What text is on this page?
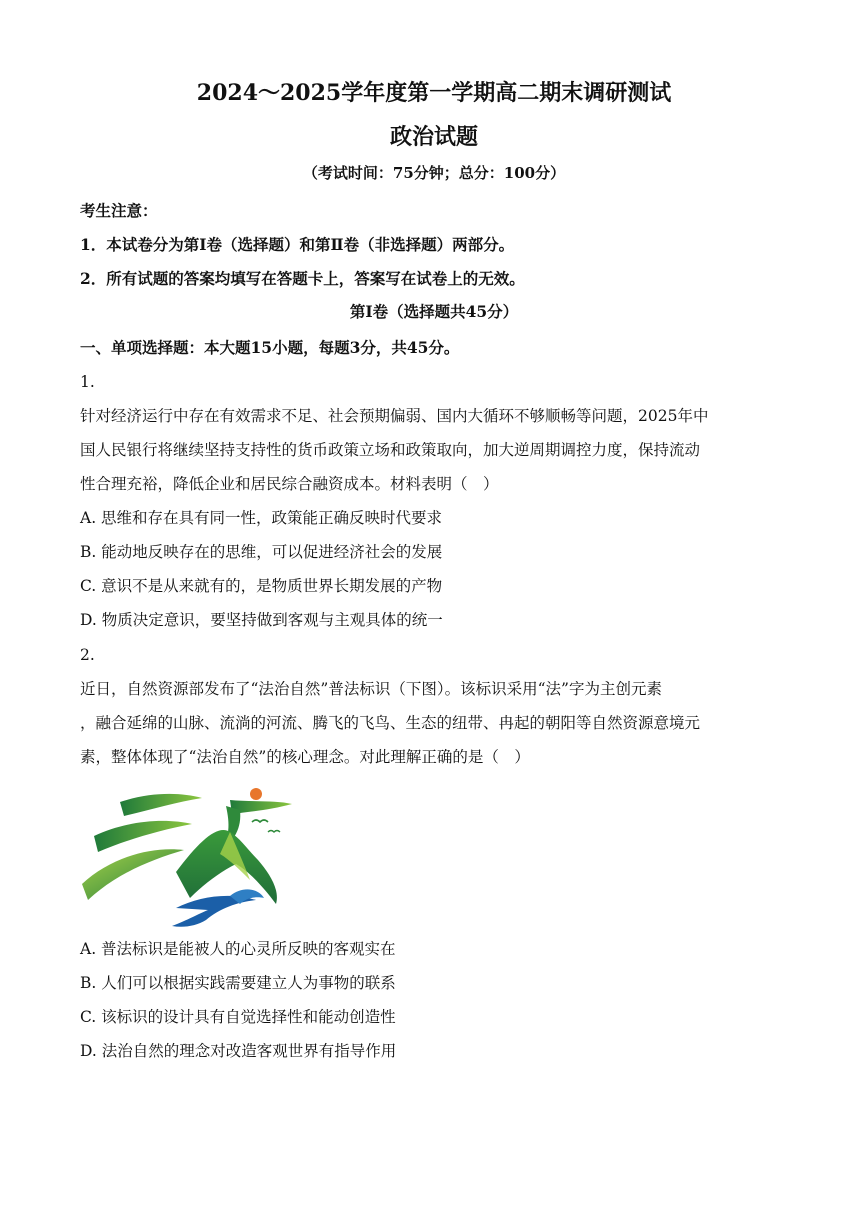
2024～2025学年度第一学期高二期末调研测试
政治试题
（考试时间：75分钟；总分：100分）
考生注意：
1．本试卷分为第Ⅰ卷（选择题）和第Ⅱ卷（非选择题）两部分。
2．所有试题的答案均填写在答题卡上，答案写在试卷上的无效。
第Ⅰ卷（选择题共45分）
一、单项选择题：本大题15小题，每题3分，共45分。
1.
针对经济运行中存在有效需求不足、社会预期偏弱、国内大循环不够顺畅等问题，2025年中
国人民银行将继续坚持支持性的货币政策立场和政策取向，加大逆周期调控力度，保持流动
性合理充裕，降低企业和居民综合融资成本。材料表明（　）
A. 思维和存在具有同一性，政策能正确反映时代要求
B. 能动地反映存在的思维，可以促进经济社会的发展
C. 意识不是从来就有的，是物质世界长期发展的产物
D. 物质决定意识，要坚持做到客观与主观具体的统一
2.
近日，自然资源部发布了“法治自然”普法标识（下图）。该标识采用“法”字为主创元素
，融合延绵的山脉、流淌的河流、腾飞的飞鸟、生态的纽带、冉起的朝阳等自然资源意境元
素，整体体现了“法治自然”的核心理念。对此理解正确的是（　）
A. 普法标识是能被人的心灵所反映的客观实在
B. 人们可以根据实践需要建立人为事物的联系
C. 该标识的设计具有自觉选择性和能动创造性
D. 法治自然的理念对改造客观世界有指导作用
